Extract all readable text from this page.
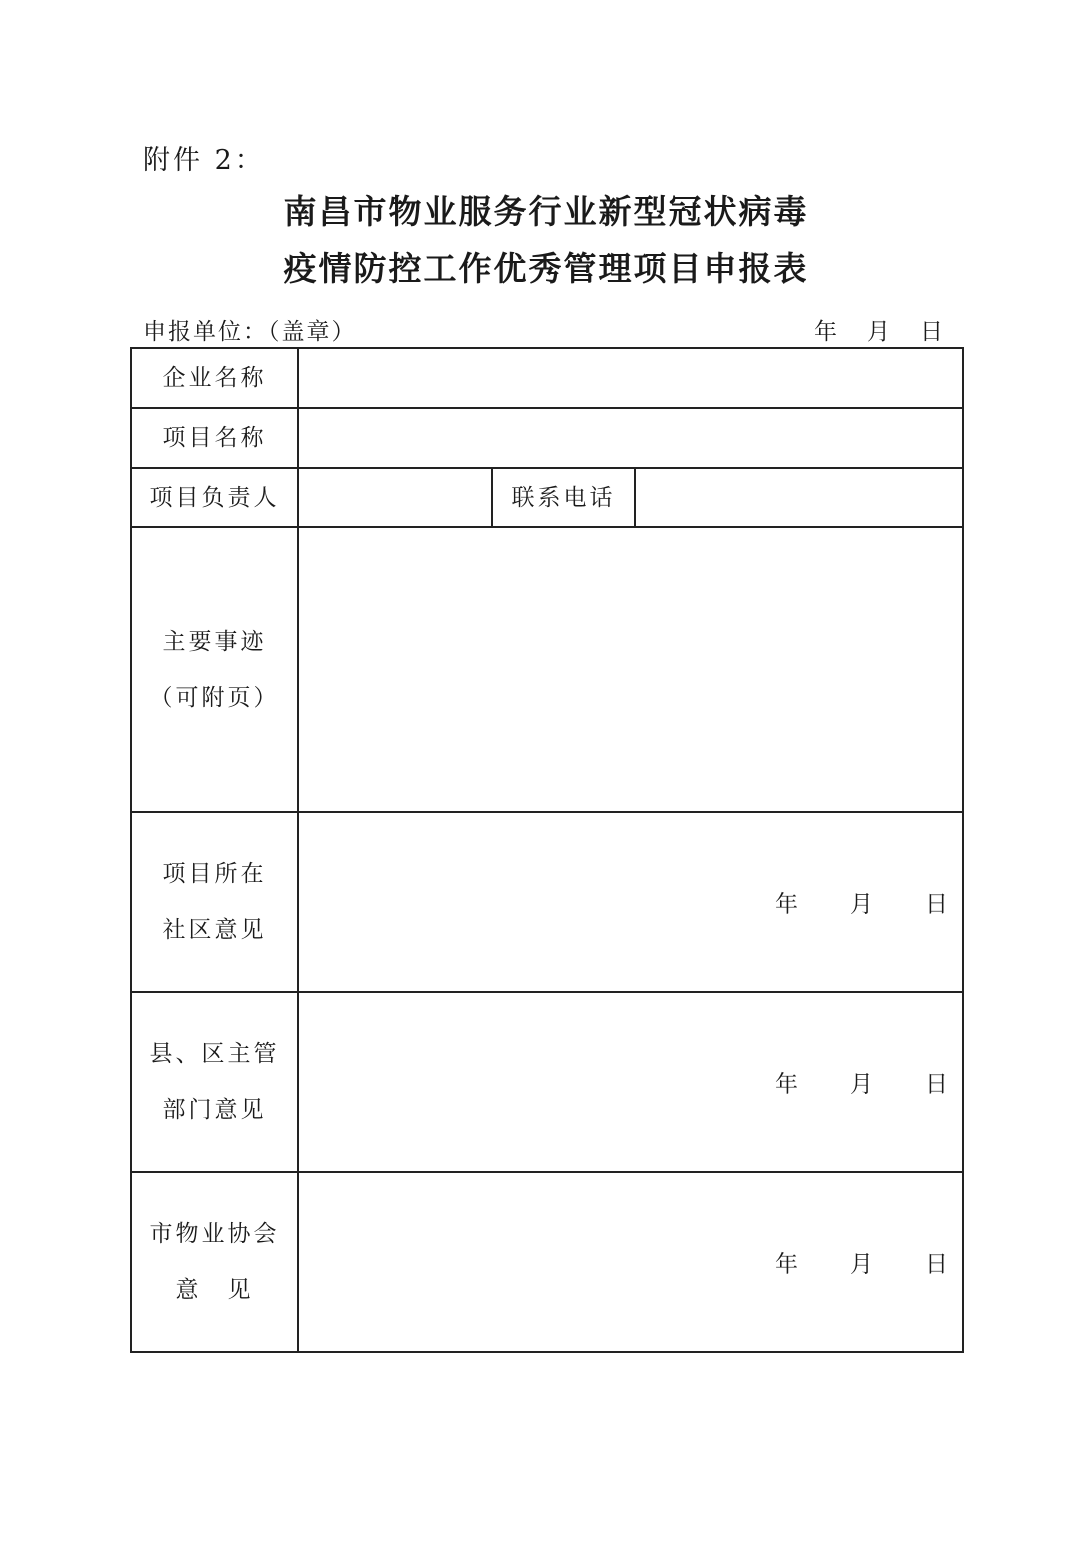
附件 2：
南昌市物业服务行业新型冠状病毒
疫情防控工作优秀管理项目申报表
申报单位：（盖章）	年 月 日
企业名称			
项目名称			
项目负责人		联系电话	

主要事迹
（可附页）			

项目所在
社区意见	年 月 日		

县、区主管
部门意见	年 月 日		

市物业协会
意　见	年 月 日		
